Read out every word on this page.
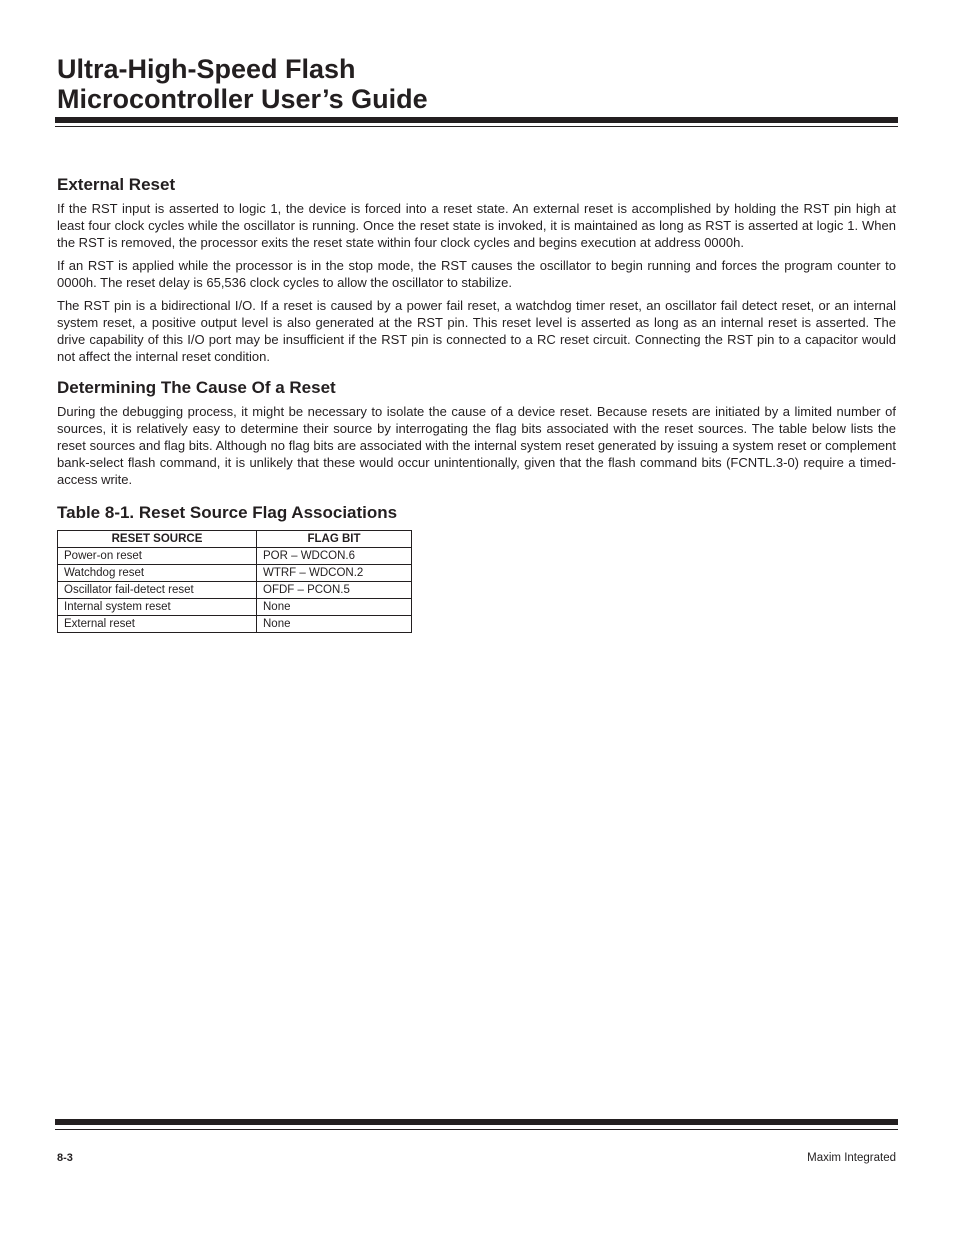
Ultra-High-Speed Flash
Microcontroller User’s Guide
External Reset

If the RST input is asserted to logic 1, the device is forced into a reset state. An external reset is accomplished by holding the RST pin high at least four clock cycles while the oscillator is running. Once the reset state is invoked, it is maintained as long as RST is asserted at logic 1. When the RST is removed, the processor exits the reset state within four clock cycles and begins execution at address 0000h.

If an RST is applied while the processor is in the stop mode, the RST causes the oscillator to begin running and forces the program counter to 0000h. The reset delay is 65,536 clock cycles to allow the oscillator to stabilize.

The RST pin is a bidirectional I/O. If a reset is caused by a power fail reset, a watchdog timer reset, an oscillator fail detect reset, or an internal system reset, a positive output level is also generated at the RST pin. This reset level is asserted as long as an internal reset is asserted. The drive capability of this I/O port may be insufficient if the RST pin is connected to a RC reset circuit. Connecting the RST pin to a capacitor would not affect the internal reset condition.

Determining The Cause Of a Reset

During the debugging process, it might be necessary to isolate the cause of a device reset. Because resets are initiated by a limited number of sources, it is relatively easy to determine their source by interrogating the flag bits associated with the reset sources. The table below lists the reset sources and flag bits. Although no flag bits are associated with the internal system reset generated by issuing a system reset or complement bank-select flash command, it is unlikely that these would occur unintentionally, given that the flash command bits (FCNTL.3-0) require a timed-access write.

Table 8-1. Reset Source Flag Associations
RESET SOURCE	FLAG BIT
Power-on reset	POR – WDCON.6
Watchdog reset	WTRF – WDCON.2
Oscillator fail-detect reset	OFDF – PCON.5
Internal system reset	None
External reset	None
8-3	Maxim Integrated
